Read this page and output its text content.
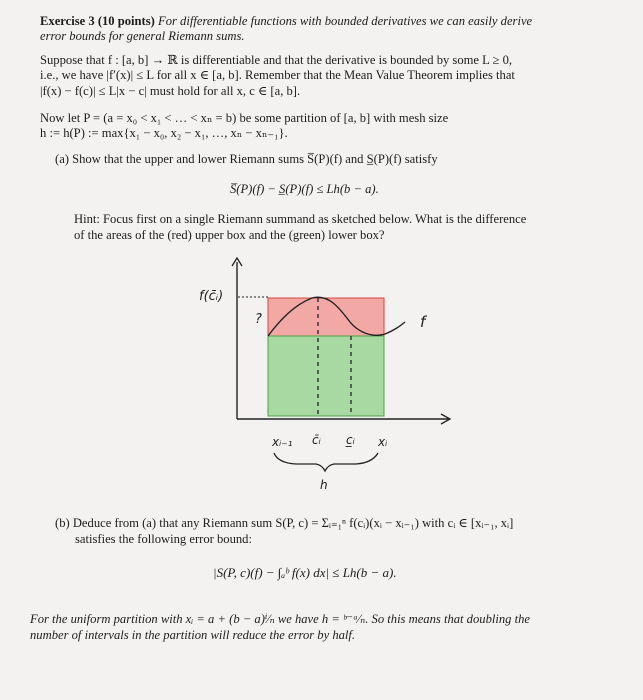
Exercise 3 (10 points) For differentiable functions with bounded derivatives we can easily derive
error bounds for general Riemann sums.
Suppose that f : [a, b] → ℝ is differentiable and that the derivative is bounded by some L ≥ 0,
i.e., we have |f′(x)| ≤ L for all x ∈ [a, b]. Remember that the Mean Value Theorem implies that
|f(x) − f(c)| ≤ L|x − c| must hold for all x, c ∈ [a, b].
Now let P = (a = x₀ < x₁ < … < xₙ = b) be some partition of [a, b] with mesh size
h := h(P) := max{x₁ − x₀, x₂ − x₁, …, xₙ − xₙ₋₁}.
(a) Show that the upper and lower Riemann sums S̅(P)(f) and S̲(P)(f) satisfy
S̅(P)(f) − S̲(P)(f) ≤ Lh(b − a).
Hint: Focus first on a single Riemann summand as sketched below. What is the difference
of the areas of the (red) upper box and the (green) lower box?
f(c̄ᵢ)
?	f
xᵢ₋₁ c̄ᵢ c̲ᵢ xᵢ
h
(b) Deduce from (a) that any Riemann sum S(P, c) = Σᵢ₌₁ⁿ f(cᵢ)(xᵢ − xᵢ₋₁) with cᵢ ∈ [xᵢ₋₁, xᵢ]
satisfies the following error bound:
|S(P, c)(f) − ∫ₐᵇ f(x) dx| ≤ Lh(b − a).
For the uniform partition with xᵢ = a + (b − a)ⁱ⁄ₙ we have h = ᵇ⁻ᵃ⁄ₙ. So this means that doubling the
number of intervals in the partition will reduce the error by half.
